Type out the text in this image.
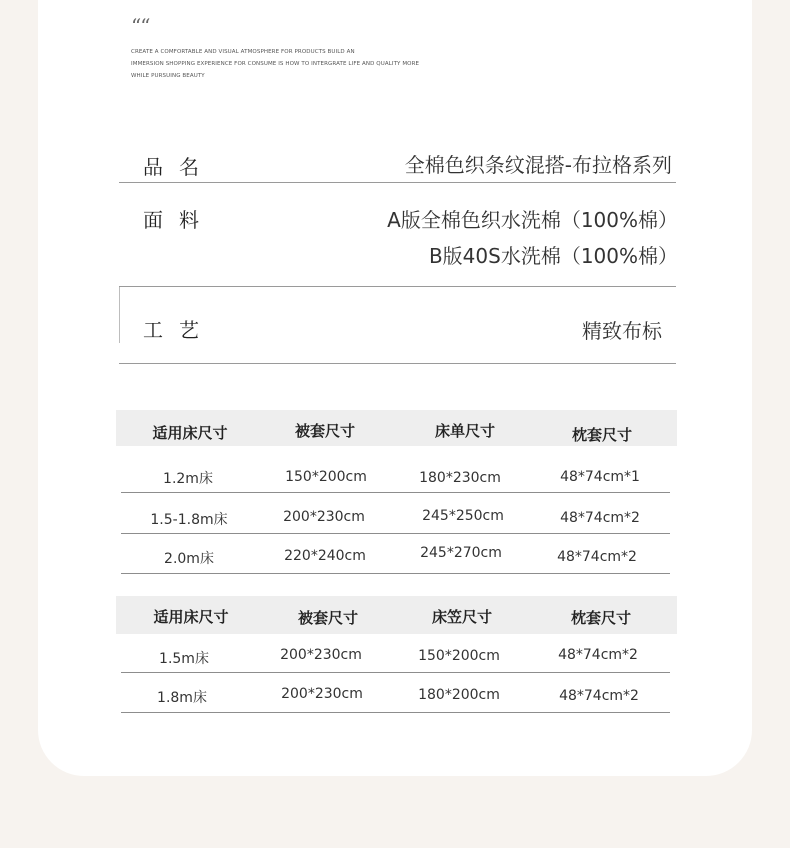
““
CREATE A COMFORTABLE AND VISUAL ATMOSPHERE FOR PRODUCTS BUILD AN
IMMERSION SHOPPING EXPERIENCE FOR CONSUME IS HOW TO INTERGRATE LIFE AND QUALITY MORE
WHILE PURSUING BEAUTY
品名	全棉色织条纹混搭-布拉格系列
面料	A版全棉色织水洗棉（100%棉）
B版40S水洗棉（100%棉）
工艺	精致布标
适用床尺寸	被套尺寸	床单尺寸	枕套尺寸
1.2m床	150*200cm	180*230cm	48*74cm*1
1.5-1.8m床	200*230cm	245*250cm	48*74cm*2
2.0m床	220*240cm	245*270cm	48*74cm*2
适用床尺寸	被套尺寸	床笠尺寸	枕套尺寸
1.5m床	200*230cm	150*200cm	48*74cm*2
1.8m床	200*230cm	180*200cm	48*74cm*2
